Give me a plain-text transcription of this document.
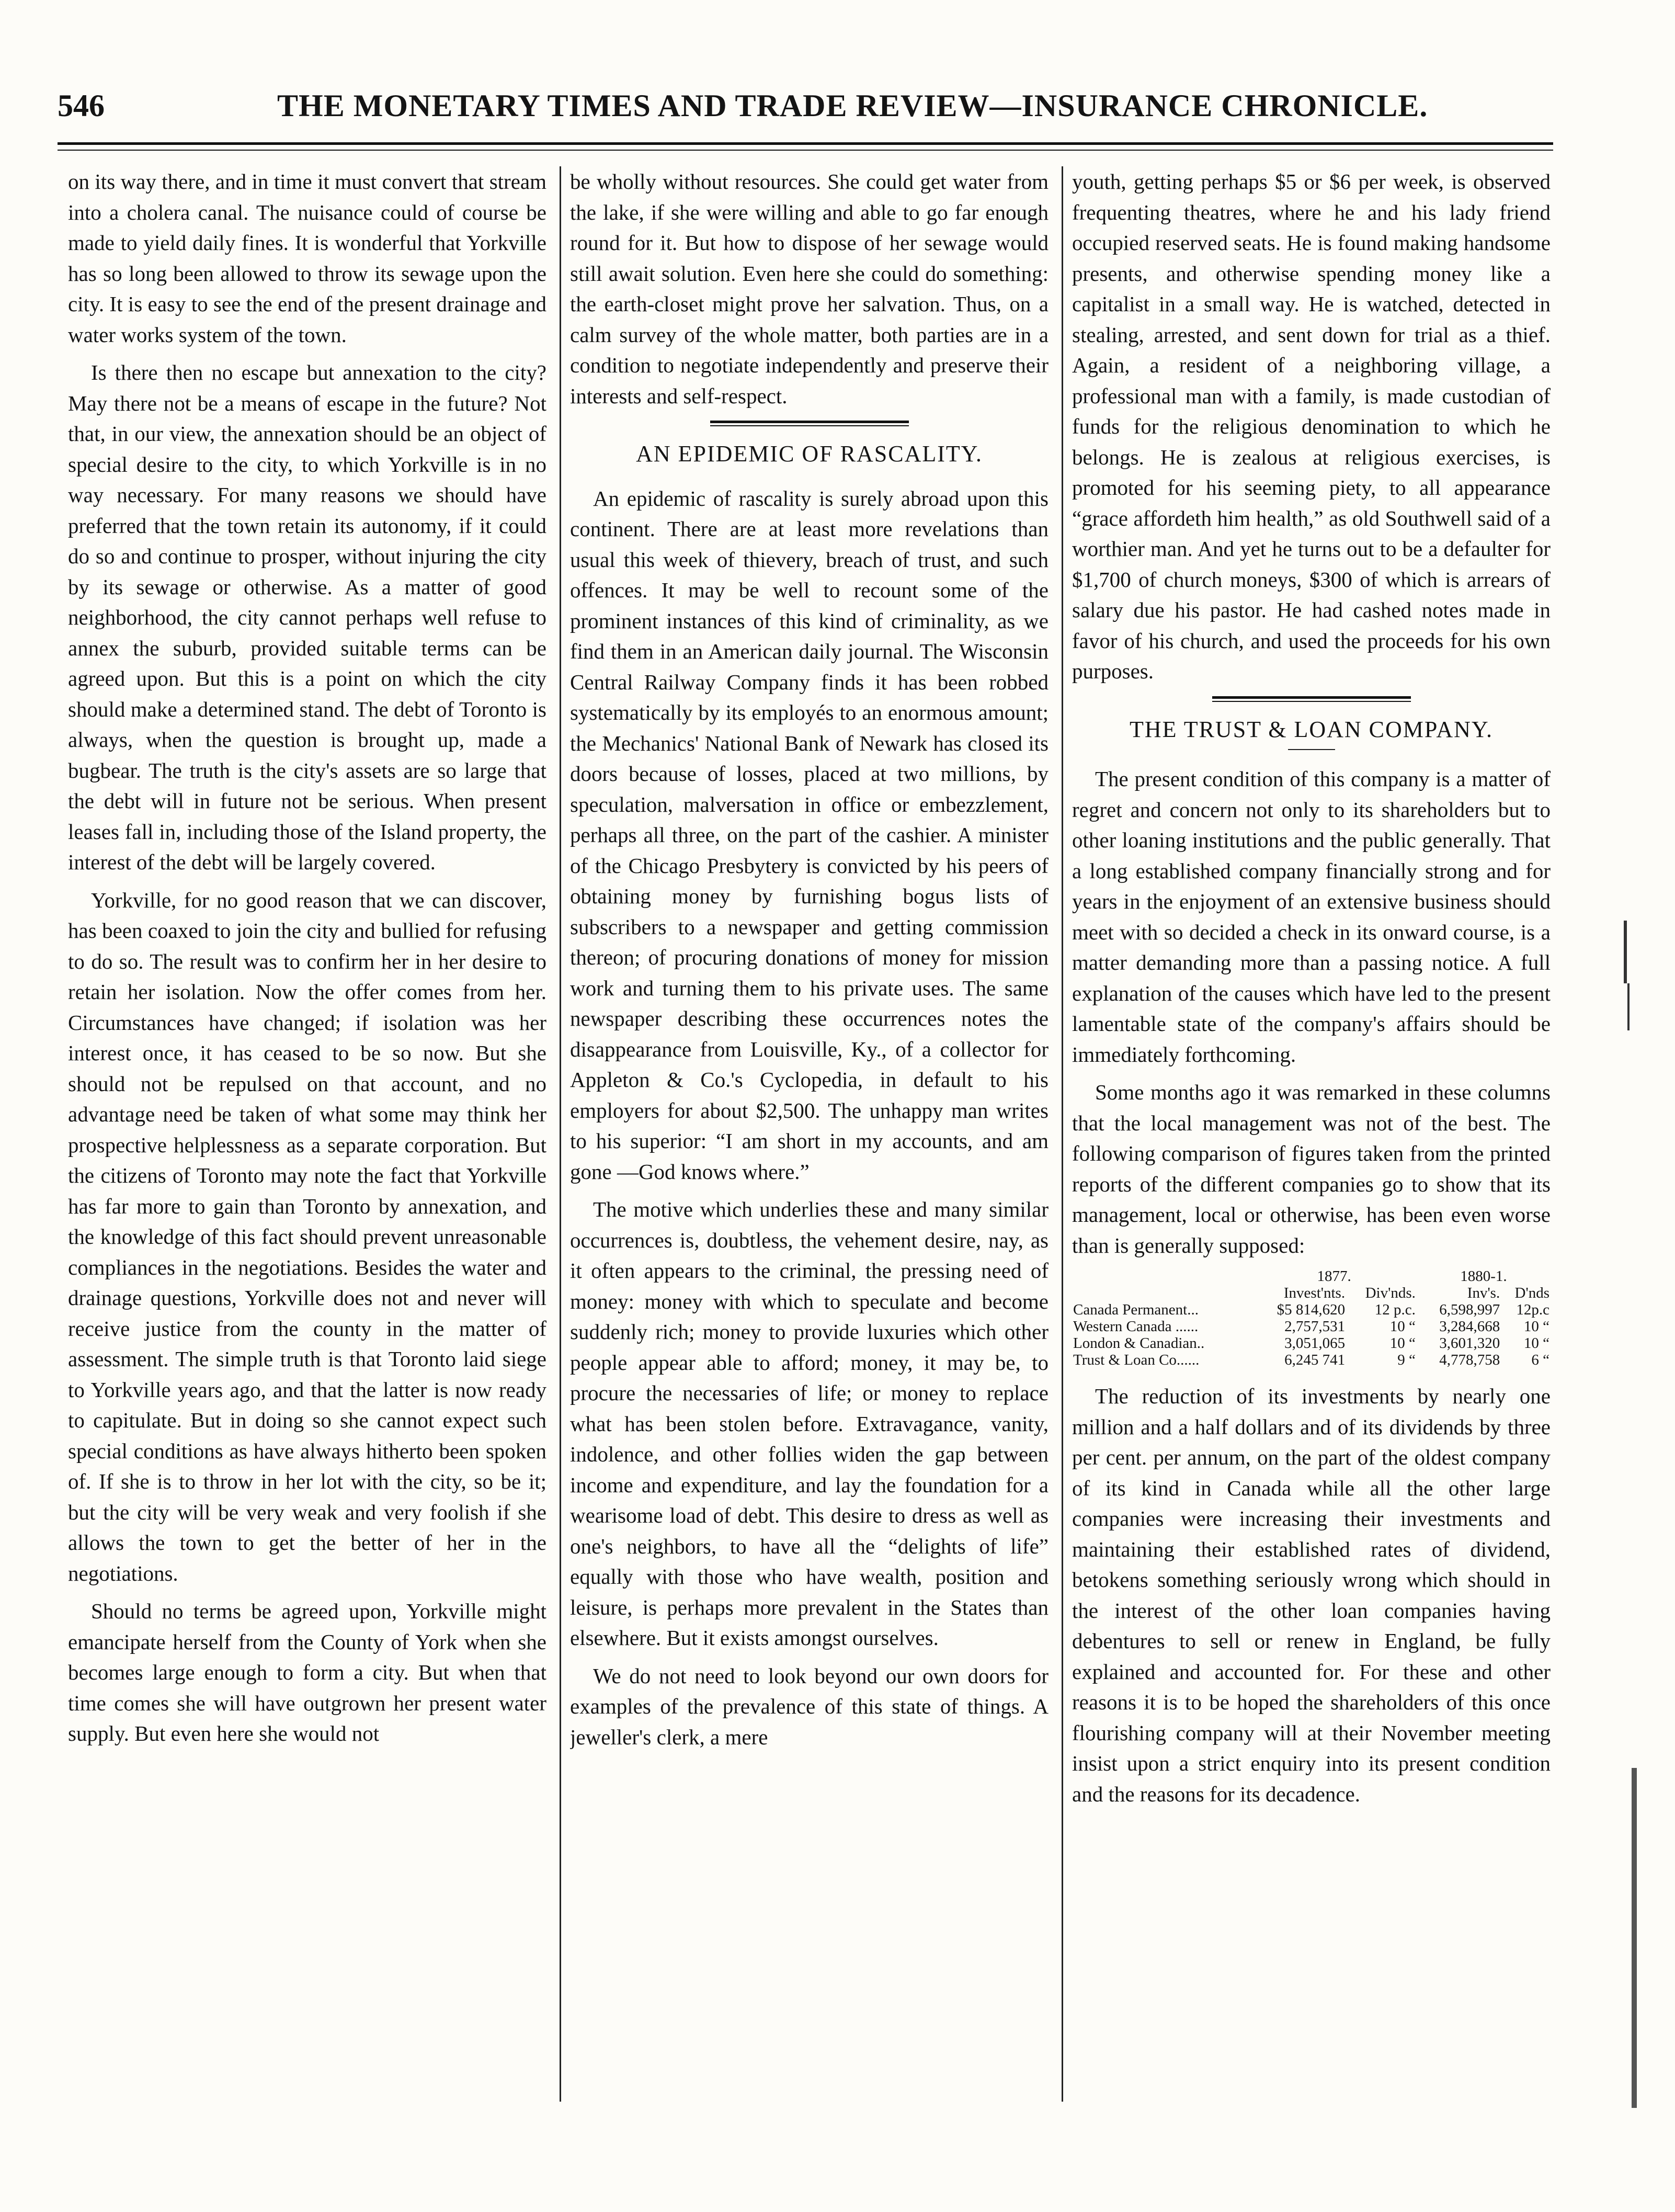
546	THE MONETARY TIMES AND TRADE REVIEW—INSURANCE CHRONICLE.

on its way there, and in time it must convert that stream into a cholera canal. The nuisance could of course be made to yield daily fines. It is wonderful that Yorkville has so long been allowed to throw its sewage upon the city. It is easy to see the end of the present drainage and water works system of the town.

Is there then no escape but annexation to the city? May there not be a means of escape in the future? Not that, in our view, the annexation should be an object of special desire to the city, to which Yorkville is in no way necessary. For many reasons we should have preferred that the town retain its autonomy, if it could do so and continue to prosper, without injuring the city by its sewage or otherwise. As a matter of good neighborhood, the city cannot perhaps well refuse to annex the suburb, provided suitable terms can be agreed upon. But this is a point on which the city should make a determined stand. The debt of Toronto is always, when the question is brought up, made a bugbear. The truth is the city's assets are so large that the debt will in future not be serious. When present leases fall in, including those of the Island property, the interest of the debt will be largely covered.

Yorkville, for no good reason that we can discover, has been coaxed to join the city and bullied for refusing to do so. The result was to confirm her in her desire to retain her isolation. Now the offer comes from her. Circumstances have changed; if isolation was her interest once, it has ceased to be so now. But she should not be repulsed on that account, and no advantage need be taken of what some may think her prospective helplessness as a separate corporation. But the citizens of Toronto may note the fact that Yorkville has far more to gain than Toronto by annexation, and the knowledge of this fact should prevent unreasonable compliances in the negotiations. Besides the water and drainage questions, Yorkville does not and never will receive justice from the county in the matter of assessment. The simple truth is that Toronto laid siege to Yorkville years ago, and that the latter is now ready to capitulate. But in doing so she cannot expect such special conditions as have always hitherto been spoken of. If she is to throw in her lot with the city, so be it; but the city will be very weak and very foolish if she allows the town to get the better of her in the negotiations.

Should no terms be agreed upon, Yorkville might emancipate herself from the County of York when she becomes large enough to form a city. But when that time comes she will have outgrown her present water supply. But even here she would not

be wholly without resources. She could get water from the lake, if she were willing and able to go far enough round for it. But how to dispose of her sewage would still await solution. Even here she could do something: the earth-closet might prove her salvation. Thus, on a calm survey of the whole matter, both parties are in a condition to negotiate independently and preserve their interests and self-respect.

AN EPIDEMIC OF RASCALITY.

An epidemic of rascality is surely abroad upon this continent. There are at least more revelations than usual this week of thievery, breach of trust, and such offences. It may be well to recount some of the prominent instances of this kind of criminality, as we find them in an American daily journal. The Wisconsin Central Railway Company finds it has been robbed systematically by its employés to an enormous amount; the Mechanics' National Bank of Newark has closed its doors because of losses, placed at two millions, by speculation, malversation in office or embezzlement, perhaps all three, on the part of the cashier. A minister of the Chicago Presbytery is convicted by his peers of obtaining money by furnishing bogus lists of subscribers to a newspaper and getting commission thereon; of procuring donations of money for mission work and turning them to his private uses. The same newspaper describing these occurrences notes the disappearance from Louisville, Ky., of a collector for Appleton & Co.'s Cyclopedia, in default to his employers for about $2,500. The unhappy man writes to his superior: “I am short in my accounts, and am gone —God knows where.”

The motive which underlies these and many similar occurrences is, doubtless, the vehement desire, nay, as it often appears to the criminal, the pressing need of money: money with which to speculate and become suddenly rich; money to provide luxuries which other people appear able to afford; money, it may be, to procure the necessaries of life; or money to replace what has been stolen before. Extravagance, vanity, indolence, and other follies widen the gap between income and expenditure, and lay the foundation for a wearisome load of debt. This desire to dress as well as one's neighbors, to have all the “delights of life” equally with those who have wealth, position and leisure, is perhaps more prevalent in the States than elsewhere. But it exists amongst ourselves.

We do not need to look beyond our own doors for examples of the prevalence of this state of things. A jeweller's clerk, a mere

youth, getting perhaps $5 or $6 per week, is observed frequenting theatres, where he and his lady friend occupied reserved seats. He is found making handsome presents, and otherwise spending money like a capitalist in a small way. He is watched, detected in stealing, arrested, and sent down for trial as a thief. Again, a resident of a neighboring village, a professional man with a family, is made custodian of funds for the religious denomination to which he belongs. He is zealous at religious exercises, is promoted for his seeming piety, to all appearance “grace affordeth him health,” as old Southwell said of a worthier man. And yet he turns out to be a defaulter for $1,700 of church moneys, $300 of which is arrears of salary due his pastor. He had cashed notes made in favor of his church, and used the proceeds for his own purposes.

THE TRUST & LOAN COMPANY.

The present condition of this company is a matter of regret and concern not only to its shareholders but to other loaning institutions and the public generally. That a long established company financially strong and for years in the enjoyment of an extensive business should meet with so decided a check in its onward course, is a matter demanding more than a passing notice. A full explanation of the causes which have led to the present lamentable state of the company's affairs should be immediately forthcoming.

Some months ago it was remarked in these columns that the local management was not of the best. The following comparison of figures taken from the printed reports of the different companies go to show that its management, local or otherwise, has been even worse than is generally supposed:

	1877.		1880-1.	
	Invest'nts.	Div'nds.	Inv's.	D'nds
Canada Permanent...	$5 814,620	12 p.c.	6,598,997	12p.c
Western Canada ......	2,757,531	10 “	3,284,668	10 “
London & Canadian..	3,051,065	10 “	3,601,320	10 “
Trust & Loan Co......	6,245 741	9 “	4,778,758	6 “

The reduction of its investments by nearly one million and a half dollars and of its dividends by three per cent. per annum, on the part of the oldest company of its kind in Canada while all the other large companies were increasing their investments and maintaining their established rates of dividend, betokens something seriously wrong which should in the interest of the other loan companies having debentures to sell or renew in England, be fully explained and accounted for. For these and other reasons it is to be hoped the shareholders of this once flourishing company will at their November meeting insist upon a strict enquiry into its present condition and the reasons for its decadence.
